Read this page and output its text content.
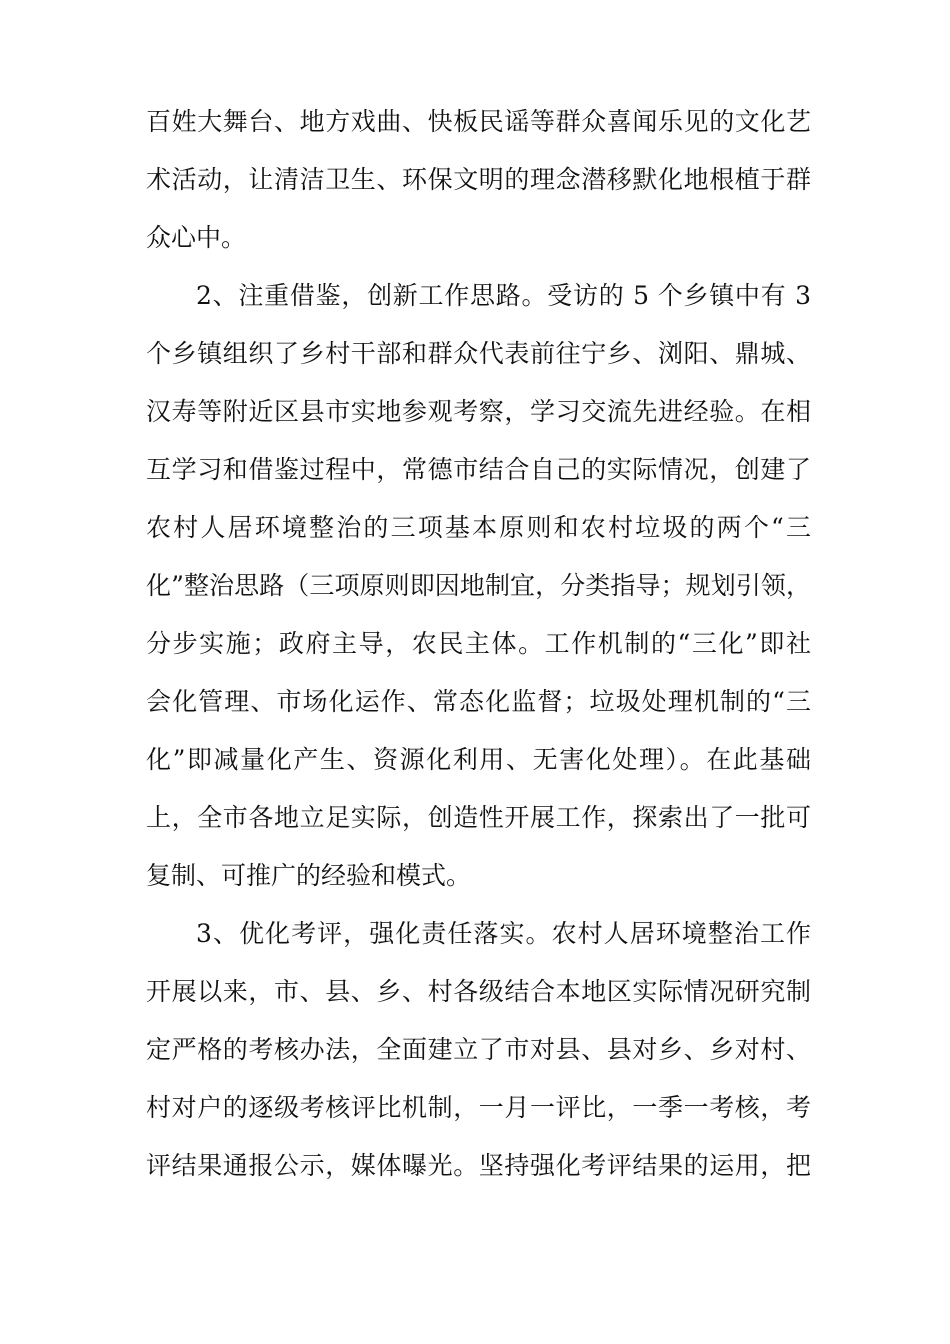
百姓大舞台、地方戏曲、快板民谣等群众喜闻乐见的文化艺
术活动，让清洁卫生、环保文明的理念潜移默化地根植于群
众心中。
2、注重借鉴，创新工作思路。受访的 5 个乡镇中有 3
个乡镇组织了乡村干部和群众代表前往宁乡、浏阳、鼎城、
汉寿等附近区县市实地参观考察，学习交流先进经验。在相
互学习和借鉴过程中，常德市结合自己的实际情况，创建了
农村人居环境整治的三项基本原则和农村垃圾的两个“三
化”整治思路（三项原则即因地制宜，分类指导；规划引领，
分步实施；政府主导，农民主体。工作机制的“三化”即社
会化管理、市场化运作、常态化监督；垃圾处理机制的“三
化”即减量化产生、资源化利用、无害化处理）。在此基础
上，全市各地立足实际，创造性开展工作，探索出了一批可
复制、可推广的经验和模式。
3、优化考评，强化责任落实。农村人居环境整治工作
开展以来，市、县、乡、村各级结合本地区实际情况研究制
定严格的考核办法，全面建立了市对县、县对乡、乡对村、
村对户的逐级考核评比机制，一月一评比，一季一考核，考
评结果通报公示，媒体曝光。坚持强化考评结果的运用，把
